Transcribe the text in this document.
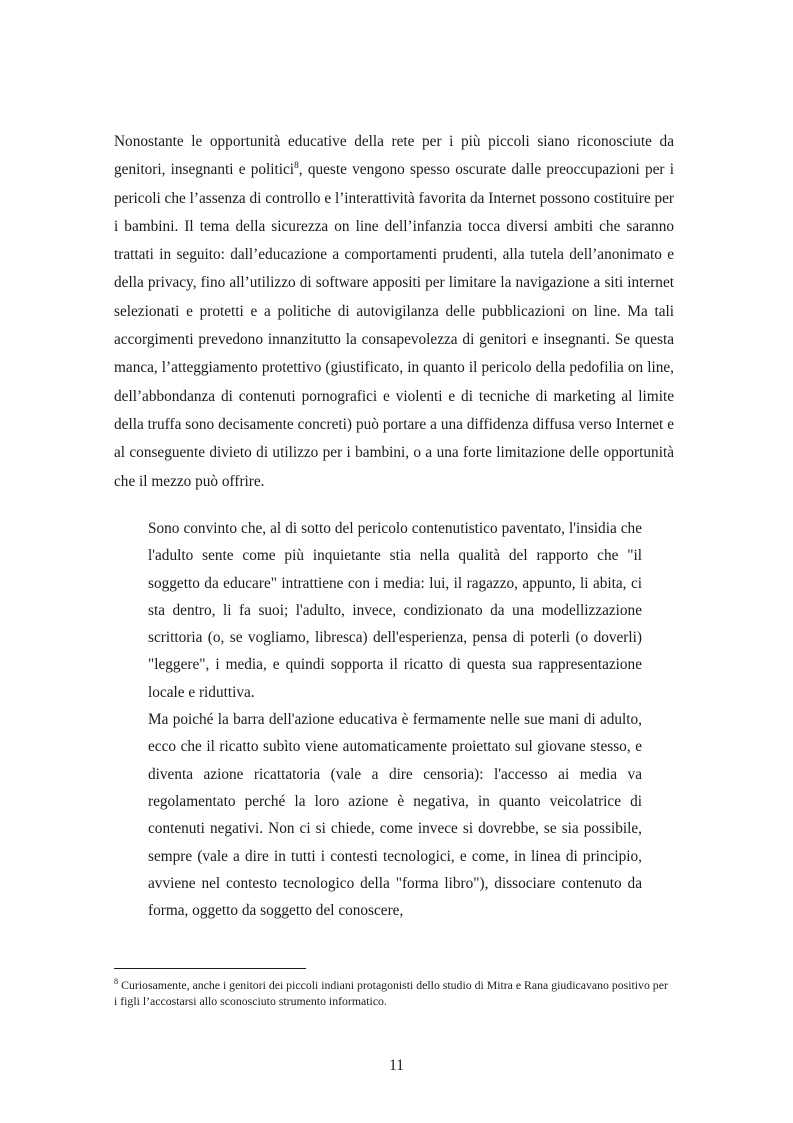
Nonostante le opportunità educative della rete per i più piccoli siano riconosciute da genitori, insegnanti e politici$^8$, queste vengono spesso oscurate dalle preoccupazioni per i pericoli che l’assenza di controllo e l’interattività favorita da Internet possono costituire per i bambini. Il tema della sicurezza on line dell’infanzia tocca diversi ambiti che saranno trattati in seguito: dall’educazione a comportamenti prudenti, alla tutela dell’anonimato e della privacy, fino all’utilizzo di software appositi per limitare la navigazione a siti internet selezionati e protetti e a politiche di autovigilanza delle pubblicazioni on line. Ma tali accorgimenti prevedono innanzitutto la consapevolezza di genitori e insegnanti. Se questa manca, l’atteggiamento protettivo (giustificato, in quanto il pericolo della pedofilia on line, dell’abbondanza di contenuti pornografici e violenti e di tecniche di marketing al limite della truffa sono decisamente concreti) può portare a una diffidenza diffusa verso Internet e al conseguente divieto di utilizzo per i bambini, o a una forte limitazione delle opportunità che il mezzo può offrire.

Sono convinto che, al di sotto del pericolo contenutistico paventato, l'insidia che l'adulto sente come più inquietante stia nella qualità del rapporto che "il soggetto da educare" intrattiene con i media: lui, il ragazzo, appunto, li abita, ci sta dentro, li fa suoi; l'adulto, invece, condizionato da una modellizzazione scrittoria (o, se vogliamo, libresca) dell'esperienza, pensa di poterli (o doverli) "leggere", i media, e quindi sopporta il ricatto di questa sua rappresentazione locale e riduttiva.

Ma poiché la barra dell'azione educativa è fermamente nelle sue mani di adulto, ecco che il ricatto subìto viene automaticamente proiettato sul giovane stesso, e diventa azione ricattatoria (vale a dire censoria): l'accesso ai media va regolamentato perché la loro azione è negativa, in quanto veicolatrice di contenuti negativi. Non ci si chiede, come invece si dovrebbe, se sia possibile, sempre (vale a dire in tutti i contesti tecnologici, e come, in linea di principio, avviene nel contesto tecnologico della "forma libro"), dissociare contenuto da forma, oggetto da soggetto del conoscere,

$^8$ Curiosamente, anche i genitori dei piccoli indiani protagonisti dello studio di Mitra e Rana giudicavano positivo per i figli l’accostarsi allo sconosciuto strumento informatico.

11
